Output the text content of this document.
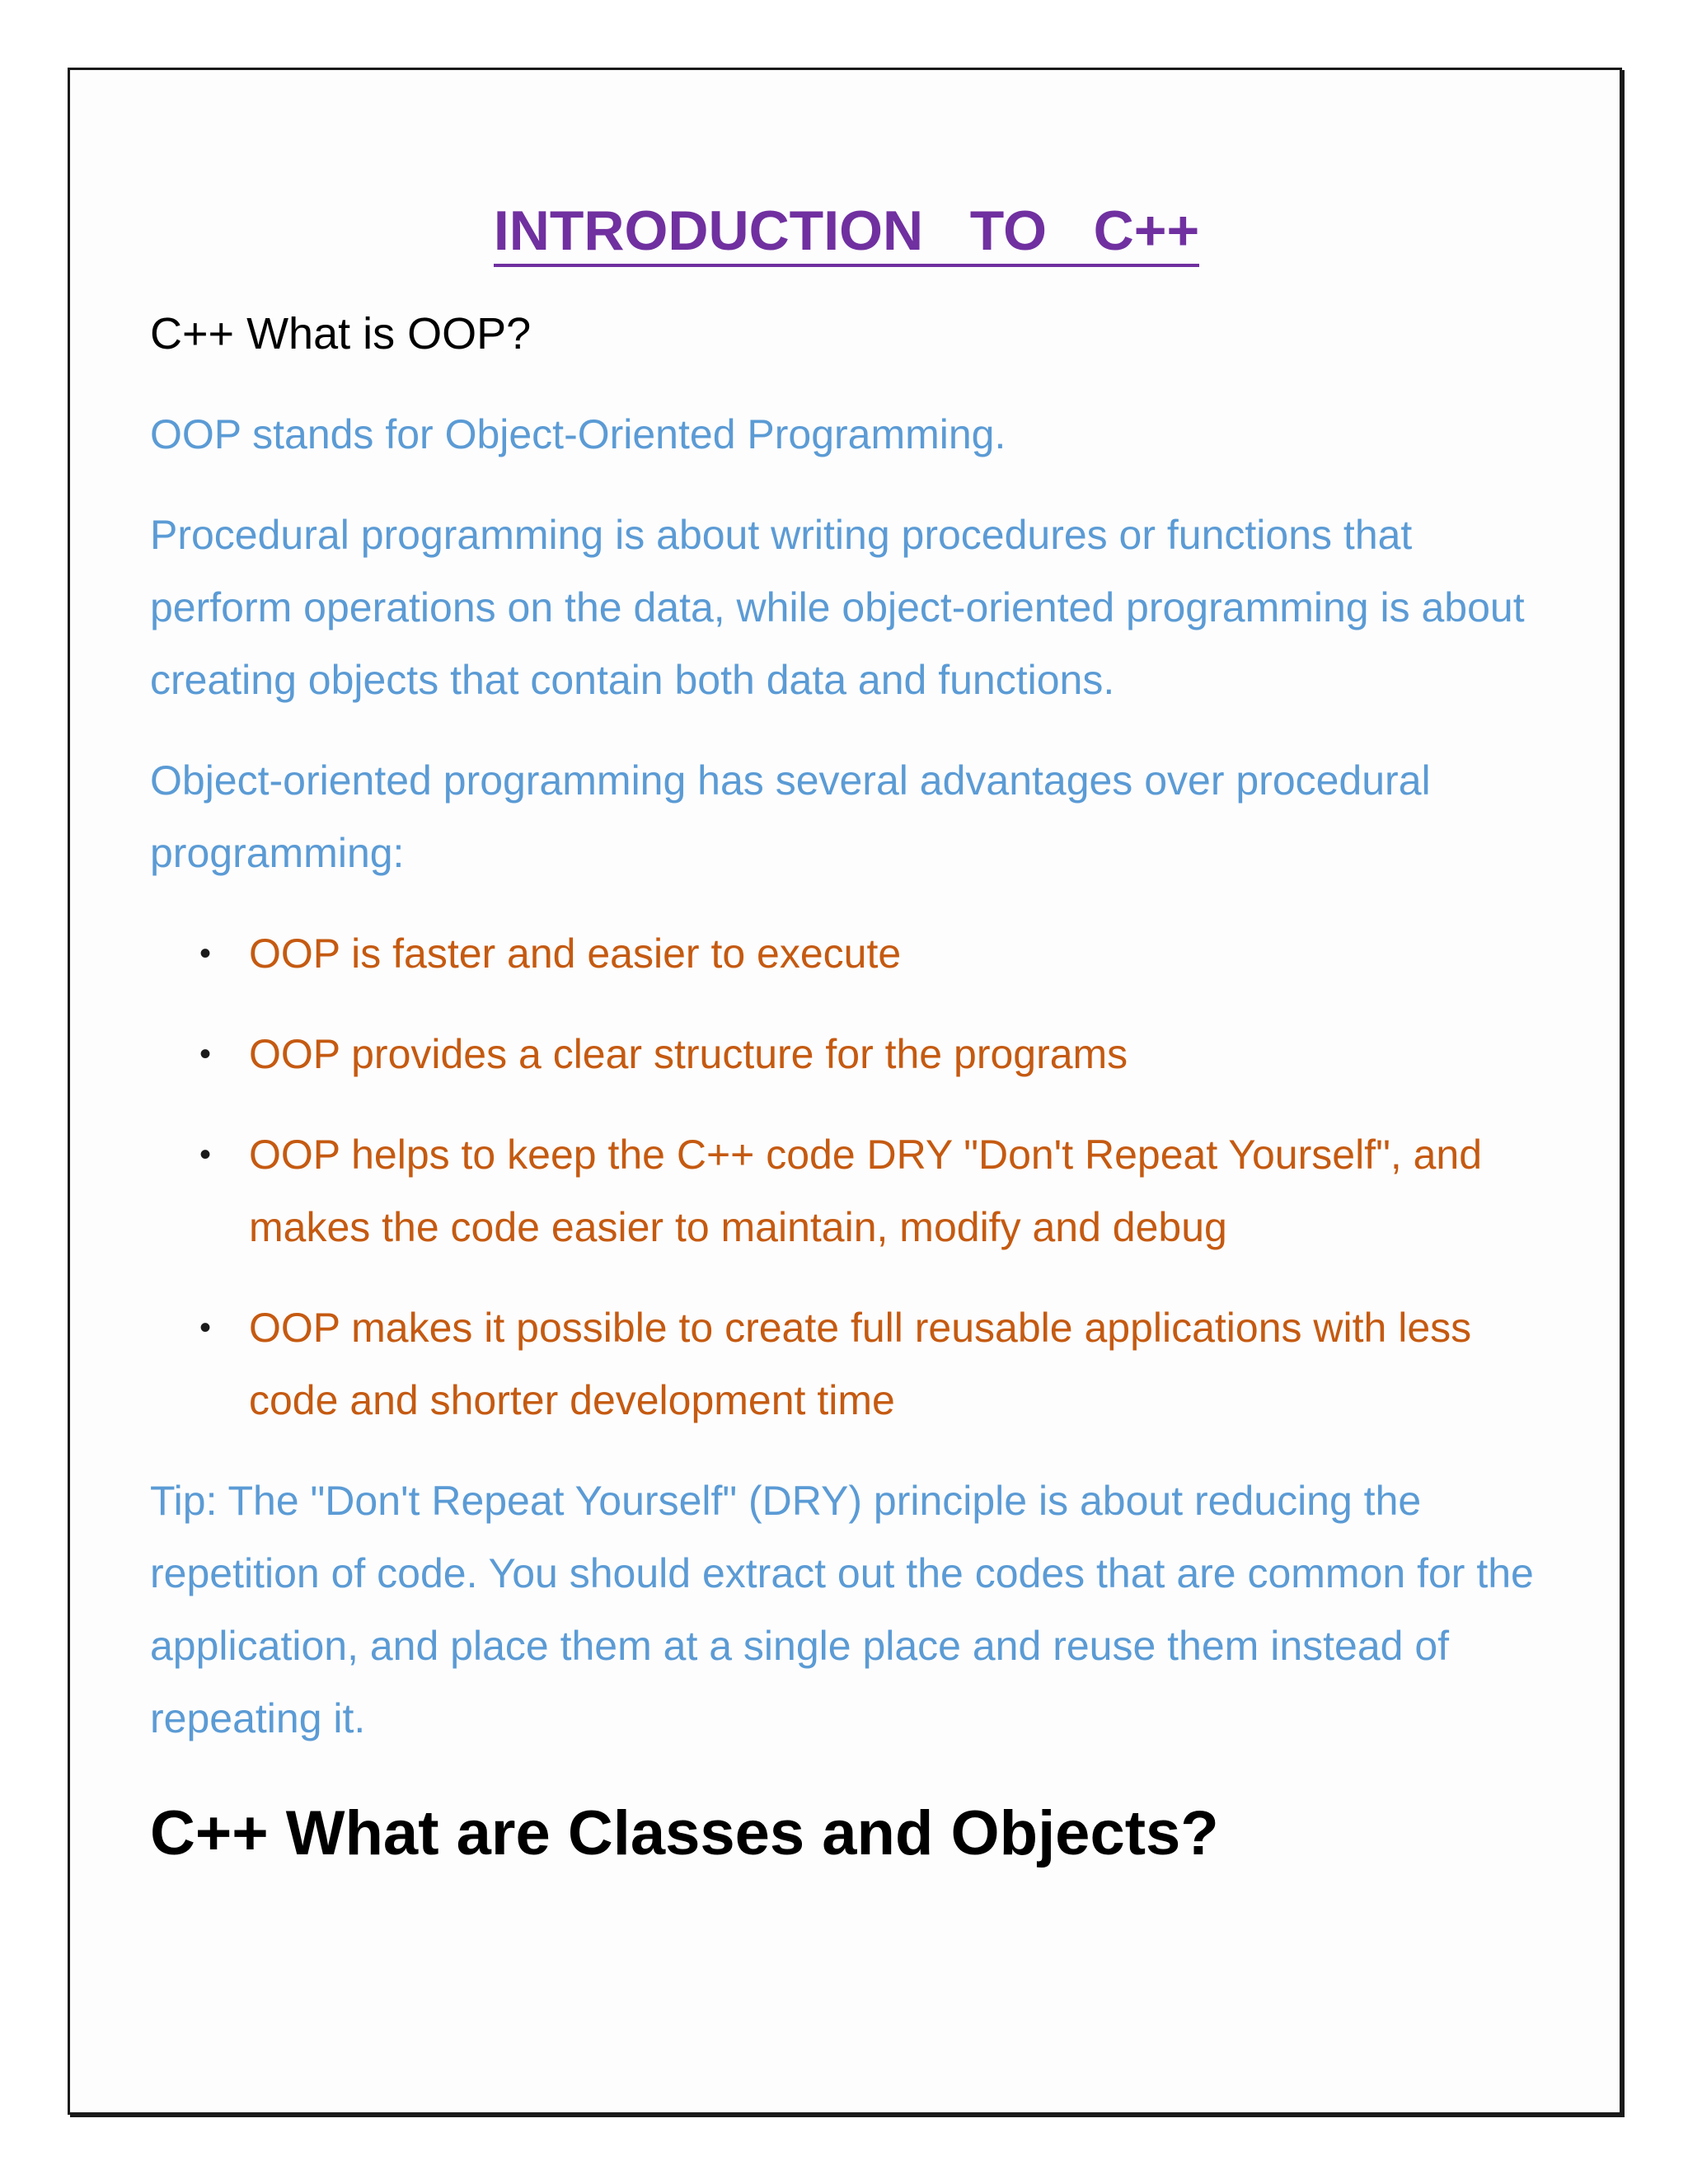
INTRODUCTION   TO   C++
C++ What is OOP?

OOP stands for Object-Oriented Programming.

Procedural programming is about writing procedures or functions that perform operations on the data, while object-oriented programming is about creating objects that contain both data and functions.

Object-oriented programming has several advantages over procedural programming:

• OOP is faster and easier to execute
• OOP provides a clear structure for the programs
• OOP helps to keep the C++ code DRY "Don't Repeat Yourself", and makes the code easier to maintain, modify and debug
• OOP makes it possible to create full reusable applications with less code and shorter development time

Tip: The "Don't Repeat Yourself" (DRY) principle is about reducing the repetition of code. You should extract out the codes that are common for the application, and place them at a single place and reuse them instead of repeating it.

C++ What are Classes and Objects?
